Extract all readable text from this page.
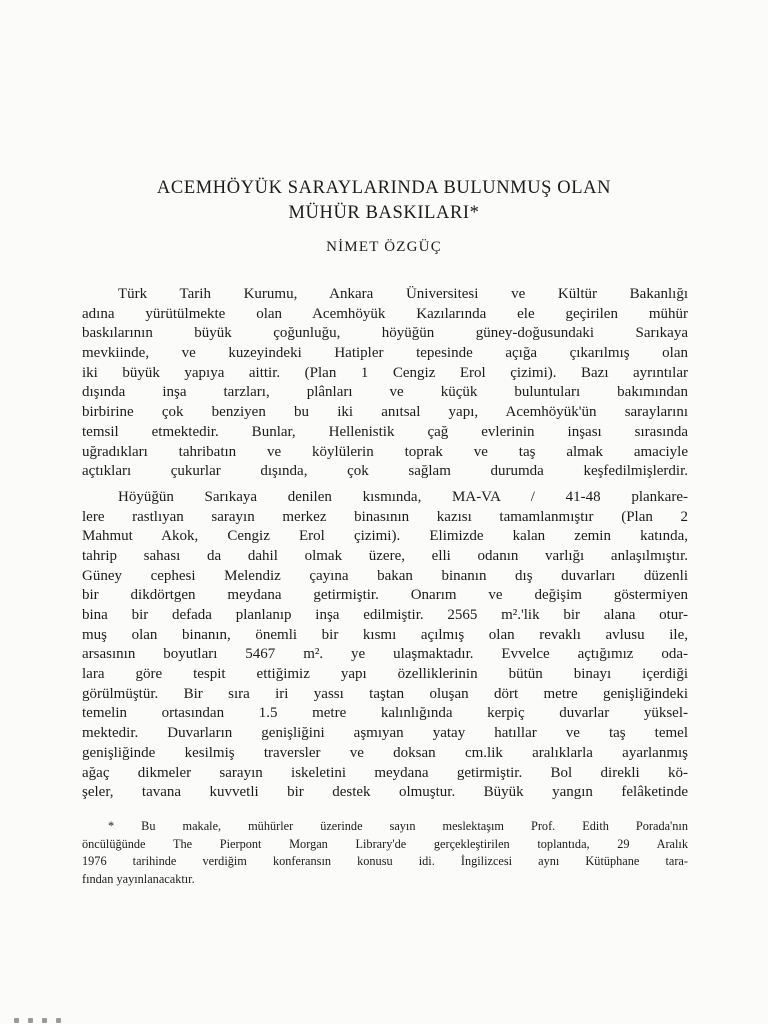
ACEMHÖYÜK SARAYLARINDA BULUNMUŞ OLAN
MÜHÜR BASKILARI*
NİMET ÖZGÜÇ
Türk Tarih Kurumu, Ankara Üniversitesi ve Kültür Bakanlığı
adına yürütülmekte olan Acemhöyük Kazılarında ele geçirilen mühür
baskılarının büyük çoğunluğu, höyüğün güney-doğusundaki Sarıkaya
mevkiinde, ve kuzeyindeki Hatipler tepesinde açığa çıkarılmış olan
iki büyük yapıya aittir. (Plan 1 Cengiz Erol çizimi). Bazı ayrıntılar
dışında inşa tarzları, plânları ve küçük buluntuları bakımından
birbirine çok benziyen bu iki anıtsal yapı, Acemhöyük'ün saraylarını
temsil etmektedir. Bunlar, Hellenistik çağ evlerinin inşası sırasında
uğradıkları tahribatın ve köylülerin toprak ve taş almak amaciyle
açtıkları çukurlar dışında, çok sağlam durumda keşfedilmişlerdir.
Höyüğün Sarıkaya denilen kısmında, MA-VA / 41-48 plankare-
lere rastlıyan sarayın merkez binasının kazısı tamamlanmıştır (Plan 2
Mahmut Akok, Cengiz Erol çizimi). Elimizde kalan zemin katında,
tahrip sahası da dahil olmak üzere, elli odanın varlığı anlaşılmıştır.
Güney cephesi Melendiz çayına bakan binanın dış duvarları düzenli
bir dikdörtgen meydana getirmiştir. Onarım ve değişim göstermiyen
bina bir defada planlanıp inşa edilmiştir. 2565 m².'lik bir alana otur-
muş olan binanın, önemli bir kısmı açılmış olan revaklı avlusu ile,
arsasının boyutları 5467 m². ye ulaşmaktadır. Evvelce açtığımız oda-
lara göre tespit ettiğimiz yapı özelliklerinin bütün binayı içerdiği
görülmüştür. Bir sıra iri yassı taştan oluşan dört metre genişliğindeki
temelin ortasından 1.5 metre kalınlığında kerpiç duvarlar yüksel-
mektedir. Duvarların genişliğini aşmıyan yatay hatıllar ve taş temel
genişliğinde kesilmiş traversler ve doksan cm.lik aralıklarla ayarlanmış
ağaç dikmeler sarayın iskeletini meydana getirmiştir. Bol direkli kö-
şeler, tavana kuvvetli bir destek olmuştur. Büyük yangın felâketinde
* Bu makale, mühürler üzerinde sayın meslektaşım Prof. Edith Porada'nın
öncülüğünde The Pierpont Morgan Library'de gerçekleştirilen toplantıda, 29 Aralık
1976 tarihinde verdiğim konferansın konusu idi. İngilizcesi aynı Kütüphane tara-
fından yayınlanacaktır.
